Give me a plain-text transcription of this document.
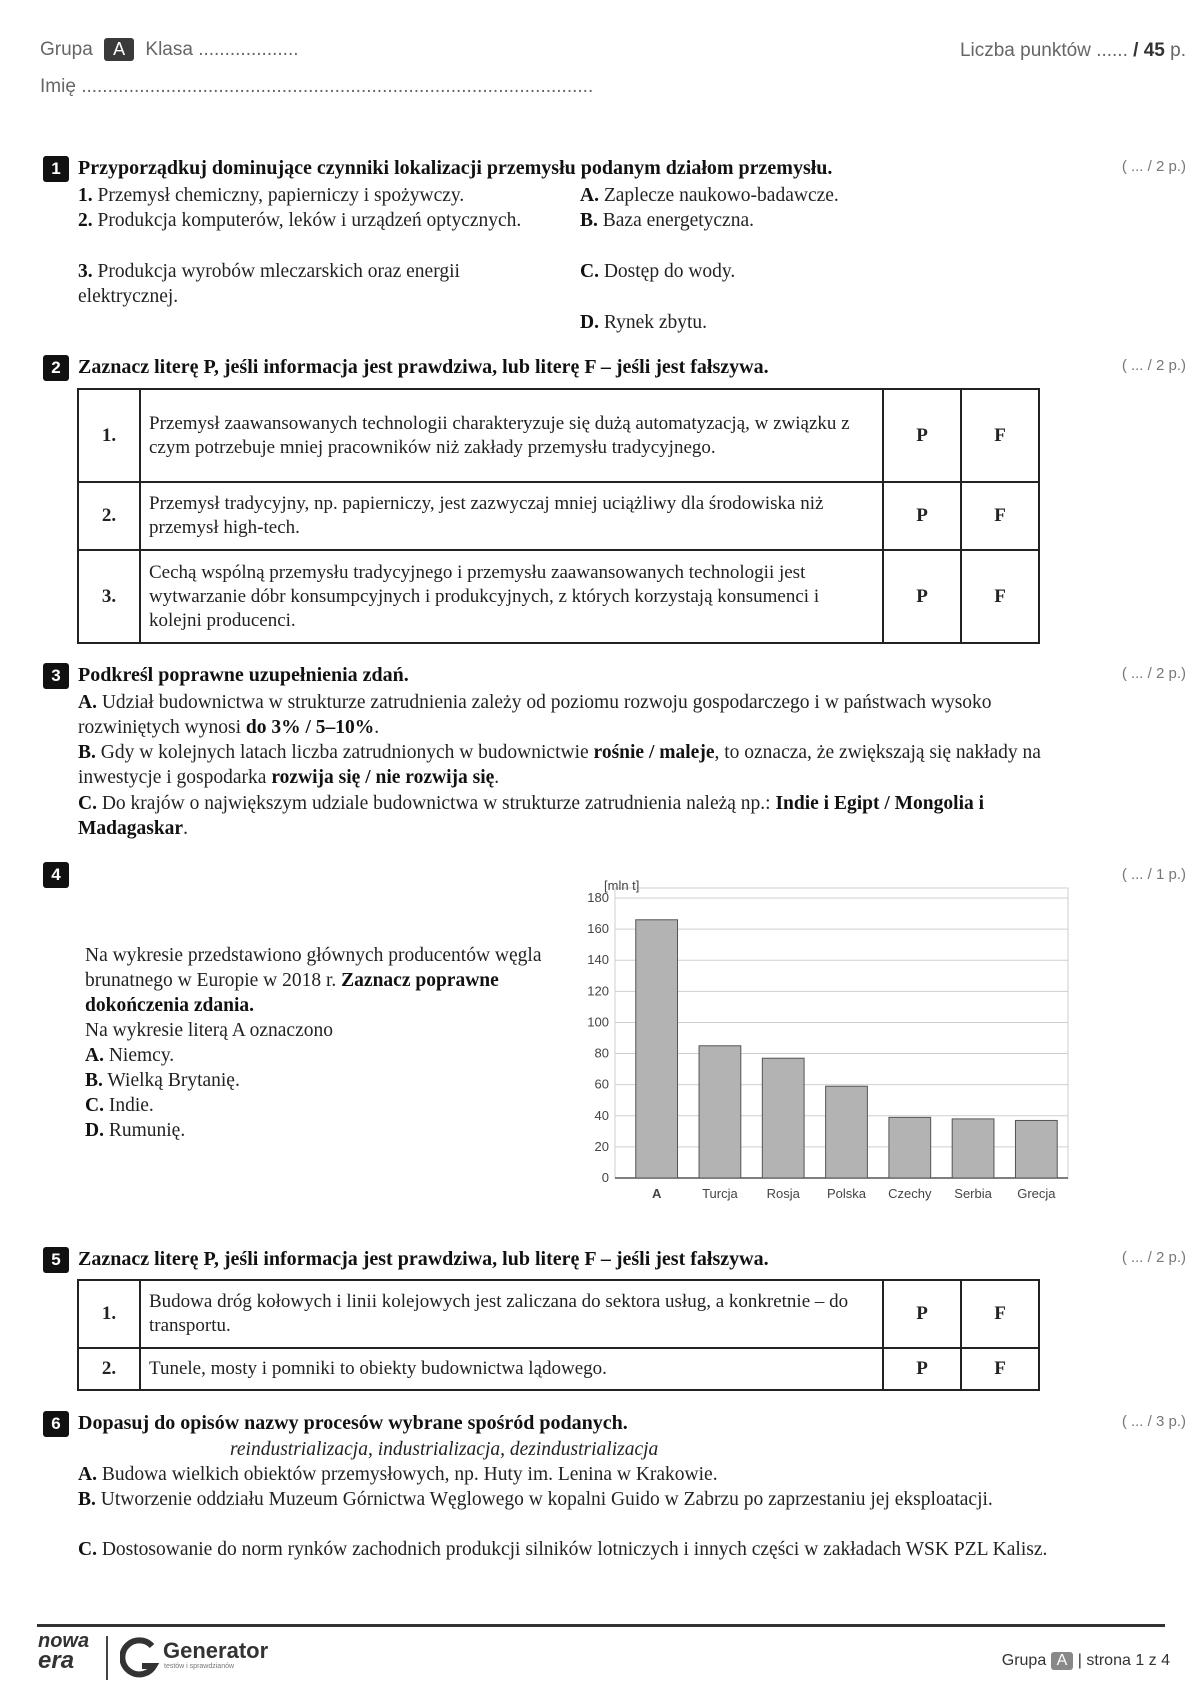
Grupa A Klasa ...................
Imię .................................................................................................
Liczba punktów ...... / 45 p.
1 Przyporządkuj dominujące czynniki lokalizacji przemysłu podanym działom przemysłu.	( ... / 2 p.)
1. Przemysł chemiczny, papierniczy i spożywczy.
2. Produkcja komputerów, leków i urządzeń optycznych.
3. Produkcja wyrobów mleczarskich oraz energii elektrycznej.
A. Zaplecze naukowo-badawcze.
B. Baza energetyczna.
C. Dostęp do wody.
D. Rynek zbytu.
2 Zaznacz literę P, jeśli informacja jest prawdziwa, lub literę F – jeśli jest fałszywa.	( ... / 2 p.)
1.	Przemysł zaawansowanych technologii charakteryzuje się dużą automatyzacją, w związku z czym potrzebuje mniej pracowników niż zakłady przemysłu tradycyjnego.	P	F
2.	Przemysł tradycyjny, np. papierniczy, jest zazwyczaj mniej uciążliwy dla środowiska niż przemysł high-tech.	P	F
3.	Cechą wspólną przemysłu tradycyjnego i przemysłu zaawansowanych technologii jest wytwarzanie dóbr konsumpcyjnych i produkcyjnych, z których korzystają konsumenci i kolejni producenci.	P	F
3 Podkreśl poprawne uzupełnienia zdań.	( ... / 2 p.)
A. Udział budownictwa w strukturze zatrudnienia zależy od poziomu rozwoju gospodarczego i w państwach wysoko rozwiniętych wynosi do 3% / 5–10%.
B. Gdy w kolejnych latach liczba zatrudnionych w budownictwie rośnie / maleje, to oznacza, że zwiększają się nakłady na inwestycje i gospodarka rozwija się / nie rozwija się.
C. Do krajów o największym udziale budownictwa w strukturze zatrudnienia należą np.: Indie i Egipt / Mongolia i Madagaskar.
4	( ... / 1 p.)
Na wykresie przedstawiono głównych producentów węgla brunatnego w Europie w 2018 r. Zaznacz poprawne dokończenia zdania.
Na wykresie literą A oznaczono
A. Niemcy.
B. Wielką Brytanię.
C. Indie.
D. Rumunię.
0
20
40
60
80
100
120
140
160
180
A	Turcja Rosja Polska Czechy Serbia Grecja
[mln t]
5 Zaznacz literę P, jeśli informacja jest prawdziwa, lub literę F – jeśli jest fałszywa.	( ... / 2 p.)
1.	Budowa dróg kołowych i linii kolejowych jest zaliczana do sektora usług, a konkretnie – do transportu.	P	F
2.	Tunele, mosty i pomniki to obiekty budownictwa lądowego.	P	F
6 Dopasuj do opisów nazwy procesów wybrane spośród podanych.	( ... / 3 p.)
reindustrializacja, industrializacja, dezindustrializacja
A. Budowa wielkich obiektów przemysłowych, np. Huty im. Lenina w Krakowie.
B. Utworzenie oddziału Muzeum Górnictwa Węglowego w kopalni Guido w Zabrzu po zaprzestaniu jej eksploatacji.
C. Dostosowanie do norm rynków zachodnich produkcji silników lotniczych i innych części w zakładach WSK PZL Kalisz.
nowa
era	Generator
testów i sprawdzianów	Grupa A | strona 1 z 4
